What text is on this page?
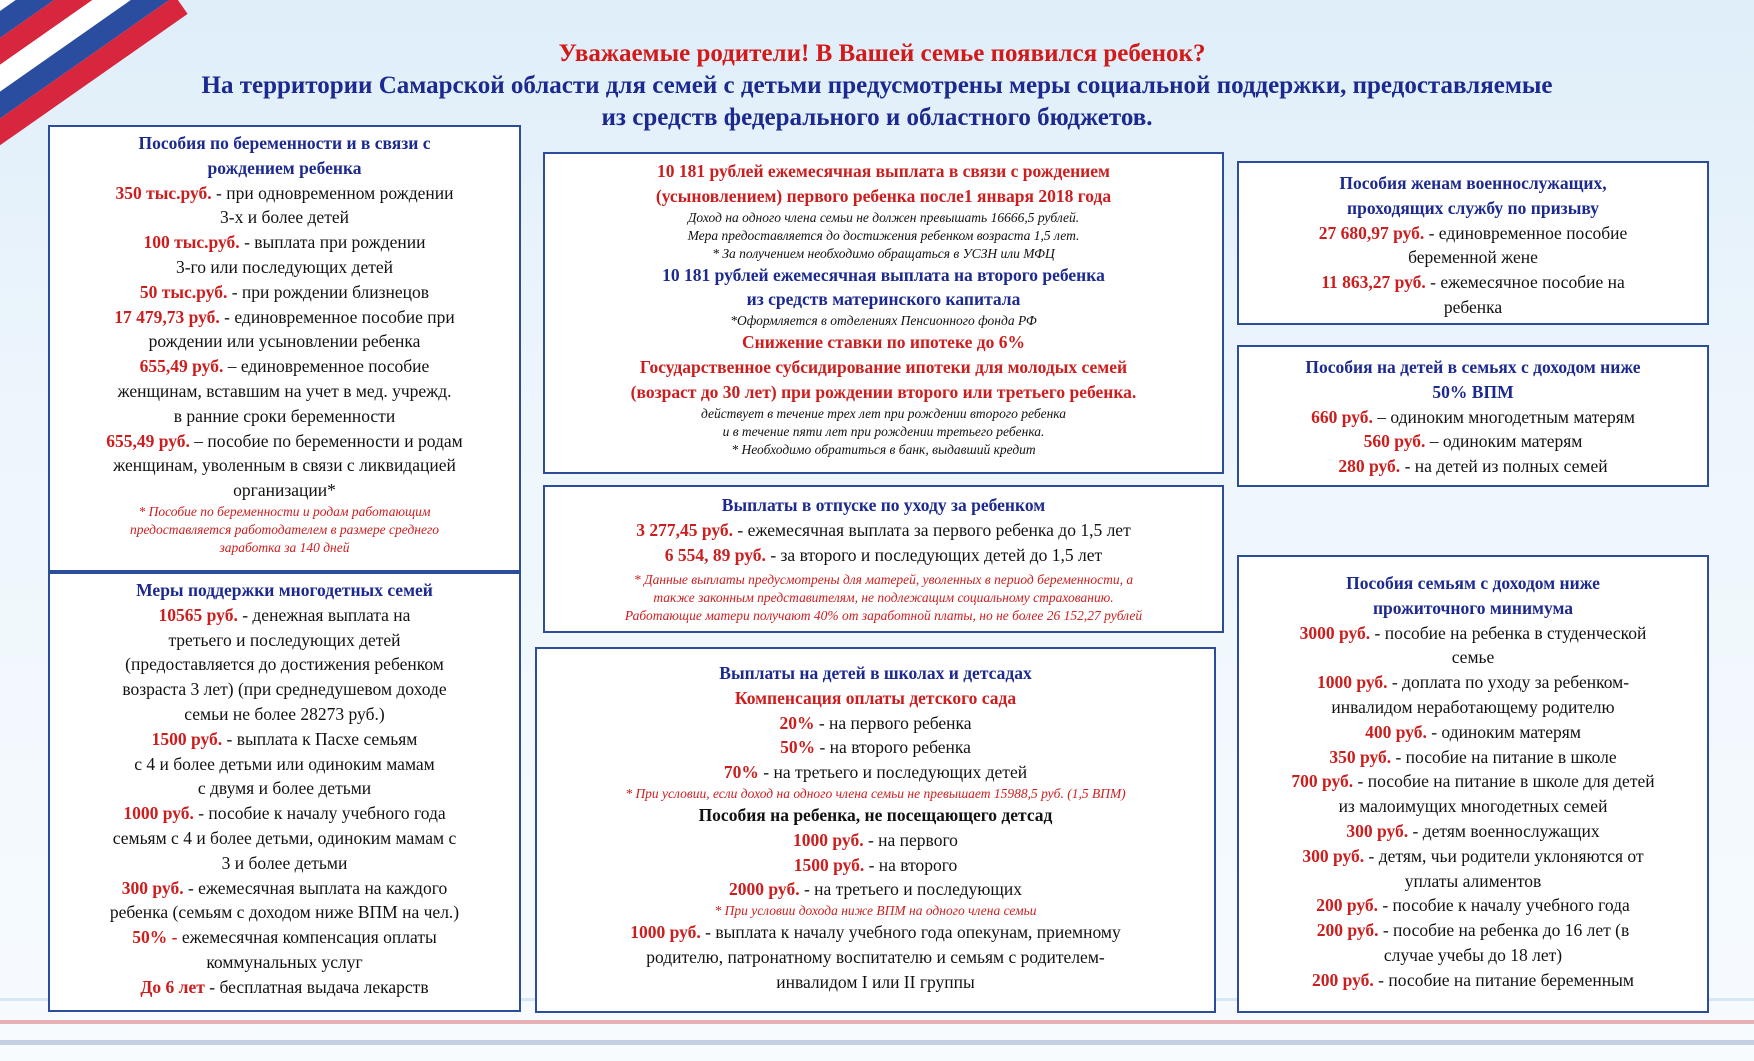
Уважаемые родители! В Вашей семье появился ребенок?
На территории Самарской области для семей с детьми предусмотрены меры социальной поддержки, предоставляемые
из средств федерального и областного бюджетов.
Пособия по беременности и в связи с
рождением ребенка
350 тыс.руб. - при одновременном рождении
3-х и более детей
100 тыс.руб. - выплата при рождении
3-го или последующих детей
50 тыс.руб. - при рождении близнецов
17 479,73 руб. - единовременное пособие при
рождении или усыновлении ребенка
655,49 руб. – единовременное пособие
женщинам, вставшим на учет в мед. учрежд.
в ранние сроки беременности
655,49 руб. – пособие по беременности и родам
женщинам, уволенным в связи с ликвидацией
организации*
* Пособие по беременности и родам работающим
предоставляется работодателем в размере среднего
заработка за 140 дней
Меры поддержки многодетных семей
10565 руб. - денежная выплата на
третьего и последующих детей
(предоставляется до достижения ребенком
возраста 3 лет) (при среднедушевом доходе
семьи не более 28273 руб.)
1500 руб. - выплата к Пасхе семьям
с 4 и более детьми или одиноким мамам
с двумя и более детьми
1000 руб. - пособие к началу учебного года
семьям с 4 и более детьми, одиноким мамам с
3 и более детьми
300 руб. - ежемесячная выплата на каждого
ребенка (семьям с доходом ниже ВПМ на чел.)
50% - ежемесячная компенсация оплаты
коммунальных услуг
До 6 лет - бесплатная выдача лекарств
10 181 рублей ежемесячная выплата в связи с рождением
(усыновлением) первого ребенка после1 января 2018 года
Доход на одного члена семьи не должен превышать 16666,5 рублей.
Мера предоставляется до достижения ребенком возраста 1,5 лет.
* За получением необходимо обращаться в УСЗН или МФЦ
10 181 рублей ежемесячная выплата на второго ребенка
из средств материнского капитала
*Оформляется в отделениях Пенсионного фонда РФ
Снижение ставки по ипотеке до 6%
Государственное субсидирование ипотеки для молодых семей
(возраст до 30 лет) при рождении второго или третьего ребенка.
действует в течение трех лет при рождении второго ребенка
и в течение пяти лет при рождении третьего ребенка.
* Необходимо обратиться в банк, выдавший кредит
Выплаты в отпуске по уходу за ребенком
3 277,45 руб. - ежемесячная выплата за первого ребенка до 1,5 лет
6 554, 89 руб. - за второго и последующих детей до 1,5 лет
* Данные выплаты предусмотрены для матерей, уволенных в период беременности, а
также законным представителям, не подлежащим социальному страхованию.
Работающие матери получают 40% от заработной платы, но не более 26 152,27 рублей
Выплаты на детей в школах и детсадах
Компенсация оплаты детского сада
20% - на первого ребенка
50% - на второго ребенка
70% - на третьего и последующих детей
* При условии, если доход на одного члена семьи не превышает 15988,5 руб. (1,5 ВПМ)
Пособия на ребенка, не посещающего детсад
1000 руб. - на первого
1500 руб. - на второго
2000 руб. - на третьего и последующих
* При условии дохода ниже ВПМ на одного члена семьи
1000 руб. - выплата к началу учебного года опекунам, приемному
родителю, патронатному воспитателю и семьям с родителем-
инвалидом I или II группы
Пособия женам военнослужащих,
проходящих службу по призыву
27 680,97 руб. - единовременное пособие
беременной жене
11 863,27 руб. - ежемесячное пособие на
ребенка
Пособия на детей в семьях с доходом ниже
50% ВПМ
660 руб. – одиноким многодетным матерям
560 руб. – одиноким матерям
280 руб. - на детей из полных семей
Пособия семьям с доходом ниже
прожиточного минимума
3000 руб. - пособие на ребенка в студенческой
семье
1000 руб. - доплата по уходу за ребенком-
инвалидом неработающему родителю
400 руб. - одиноким матерям
350 руб. - пособие на питание в школе
700 руб. - пособие на питание в школе для детей
из малоимущих многодетных семей
300 руб. - детям военнослужащих
300 руб. - детям, чьи родители уклоняются от
уплаты алиментов
200 руб. - пособие к началу учебного года
200 руб. - пособие на ребенка до 16 лет (в
случае учебы до 18 лет)
200 руб. - пособие на питание беременным
